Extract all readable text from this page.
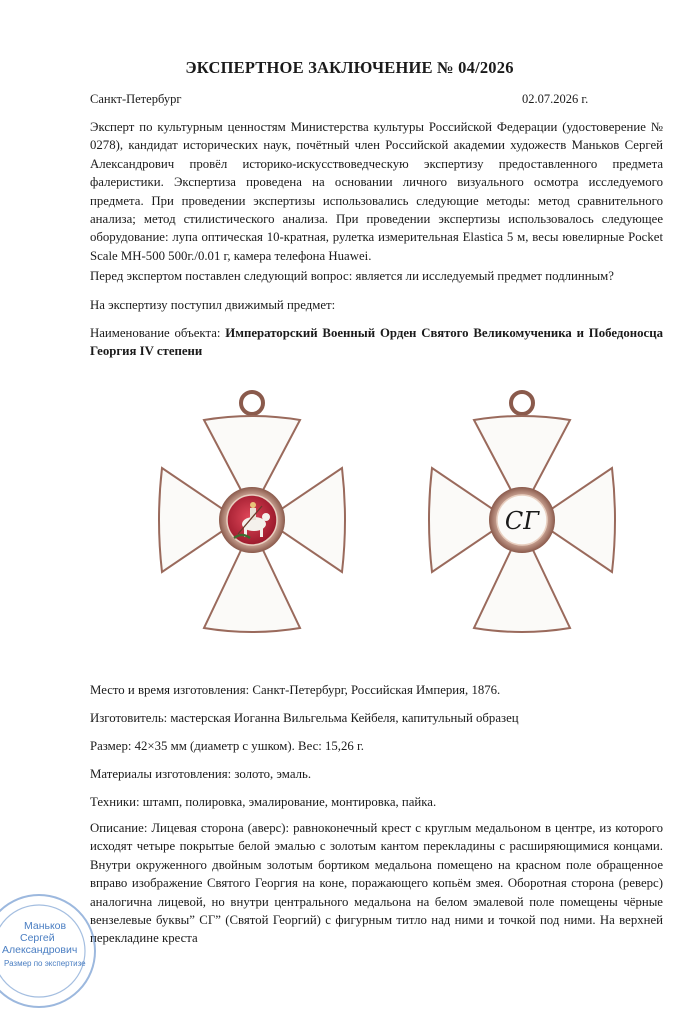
ЭКСПЕРТНОЕ ЗАКЛЮЧЕНИЕ № 04/2026
Санкт-Петербург	02.07.2026 г.

Эксперт по культурным ценностям Министерства культуры Российской Федерации (удостоверение № 0278), кандидат исторических наук, почётный член Российской академии художеств Маньков Сергей Александрович провёл историко-искусствоведческую экспертизу предоставленного предмета фалеристики. Экспертиза проведена на основании личного визуального осмотра исследуемого предмета. При проведении экспертизы использовались следующие методы: метод сравнительного анализа; метод стилистического анализа. При проведении экспертизы использовалось следующее оборудование: лупа оптическая 10-кратная, рулетка измерительная Elastica 5 м, весы ювелирные Pocket Scale MH-500 500г./0.01 г, камера телефона Huawei.

Перед экспертом поставлен следующий вопрос: является ли исследуемый предмет подлинным?

На экспертизу поступил движимый предмет:

Наименование объекта: Императорский Военный Орден Святого Великомученика и Победоносца Георгия IV степени

СГ
Место и время изготовления: Санкт-Петербург, Российская Империя, 1876.
Изготовитель: мастерская Иоганна Вильгельма Кейбеля, капитульный образец
Размер: 42×35 мм (диаметр с ушком). Вес: 15,26 г.
Материалы изготовления: золото, эмаль.
Техники: штамп, полировка, эмалирование, монтировка, пайка.

Описание: Лицевая сторона (аверс): равноконечный крест с круглым медальоном в центре, из которого исходят четыре покрытые белой эмалью с золотым кантом перекладины с расширяющимися концами. Внутри окруженного двойным золотым бортиком медальона помещено на красном поле обращенное вправо изображение Святого Георгия на коне, поражающего копьём змея. Оборотная сторона (реверс) аналогична лицевой, но внутри центрального медальона на белом эмалевой поле помещены чёрные вензелевые буквы” СГ” (Святой Георгий) с фигурным титло над ними и точкой под ними. На верхней перекладине креста

Маньков
Сергей
Александрович
Размер по экспертизе
